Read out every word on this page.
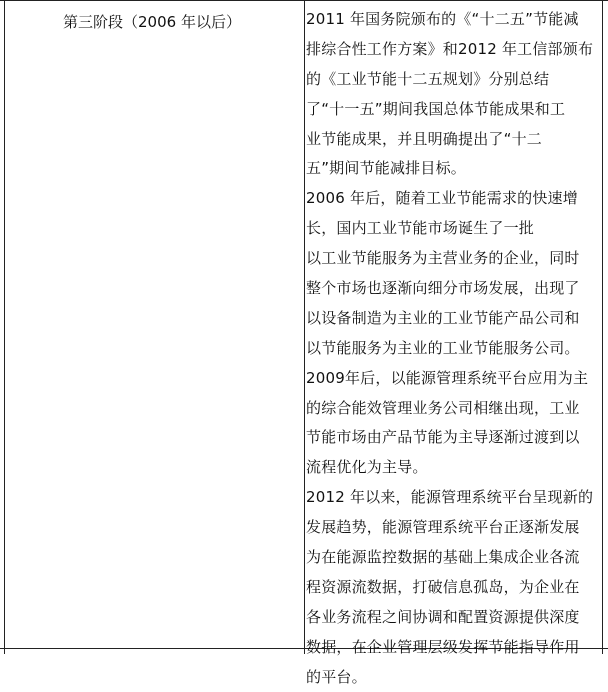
第三阶段（2006 年以后）	2011 年国务院颁布的《“十二五”节能减
排综合性工作方案》和2012 年工信部颁布
的《工业节能十二五规划》分别总结
了“十一五”期间我国总体节能成果和工
业节能成果，并且明确提出了“十二
五”期间节能减排目标。
2006 年后，随着工业节能需求的快速增
长，国内工业节能市场诞生了一批
以工业节能服务为主营业务的企业，同时
整个市场也逐渐向细分市场发展，出现了
以设备制造为主业的工业节能产品公司和
以节能服务为主业的工业节能服务公司。
2009年后，以能源管理系统平台应用为主
的综合能效管理业务公司相继出现，工业
节能市场由产品节能为主导逐渐过渡到以
流程优化为主导。
2012 年以来，能源管理系统平台呈现新的
发展趋势，能源管理系统平台正逐渐发展
为在能源监控数据的基础上集成企业各流
程资源流数据，打破信息孤岛，为企业在
各业务流程之间协调和配置资源提供深度
数据，在企业管理层级发挥节能指导作用
的平台。
